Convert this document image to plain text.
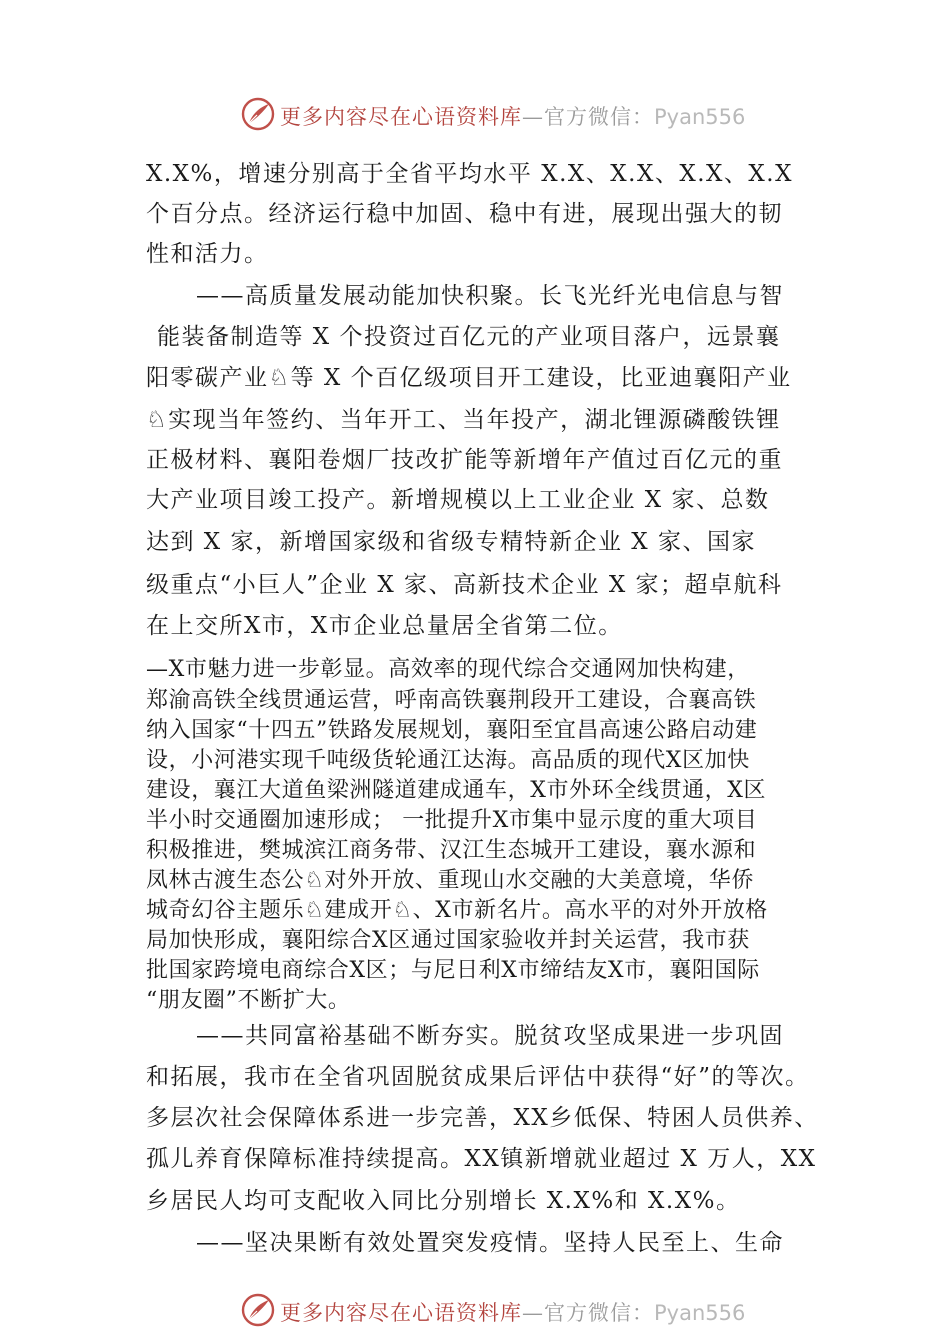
更多内容尽在心语资料库—官方微信：Pyan556
X.X%，增速分别高于全省平均水平 X.X、X.X、X.X、X.X
个百分点。经济运行稳中加固、稳中有进，展现出强大的韧
性和活力。
——高质量发展动能加快积聚。长飞光纤光电信息与智
能装备制造等 X 个投资过百亿元的产业项目落户，远景襄
阳零碳产业♘等 X 个百亿级项目开工建设，比亚迪襄阳产业
♘实现当年签约、当年开工、当年投产，湖北锂源磷酸铁锂
正极材料、襄阳卷烟厂技改扩能等新增年产值过百亿元的重
大产业项目竣工投产。新增规模以上工业企业 X 家、总数
达到 X 家，新增国家级和省级专精特新企业 X 家、国家
级重点“小巨人”企业 X 家、高新技术企业 X 家；超卓航科
在上交所X市，X市企业总量居全省第二位。
—X市魅力进一步彰显。高效率的现代综合交通网加快构建，
郑渝高铁全线贯通运营，呼南高铁襄荆段开工建设，合襄高铁
纳入国家“十四五”铁路发展规划，襄阳至宜昌高速公路启动建
设，小河港实现千吨级货轮通江达海。高品质的现代X区加快
建设，襄江大道鱼梁洲隧道建成通车，X市外环全线贯通，X区
半小时交通圈加速形成； 一批提升X市集中显示度的重大项目
积极推进，樊城滨江商务带、汉江生态城开工建设，襄水源和
凤林古渡生态公♘对外开放、重现山水交融的大美意境，华侨
城奇幻谷主题乐♘建成开♘、X市新名片。高水平的对外开放格
局加快形成，襄阳综合X区通过国家验收并封关运营，我市获
批国家跨境电商综合X区；与尼日利X市缔结友X市，襄阳国际
“朋友圈”不断扩大。
——共同富裕基础不断夯实。脱贫攻坚成果进一步巩固
和拓展，我市在全省巩固脱贫成果后评估中获得“好”的等次。
多层次社会保障体系进一步完善，XX乡低保、特困人员供养、
孤儿养育保障标准持续提高。XX镇新增就业超过 X 万人，XX
乡居民人均可支配收入同比分别增长 X.X%和 X.X%。
——坚决果断有效处置突发疫情。坚持人民至上、生命
更多内容尽在心语资料库—官方微信：Pyan556
